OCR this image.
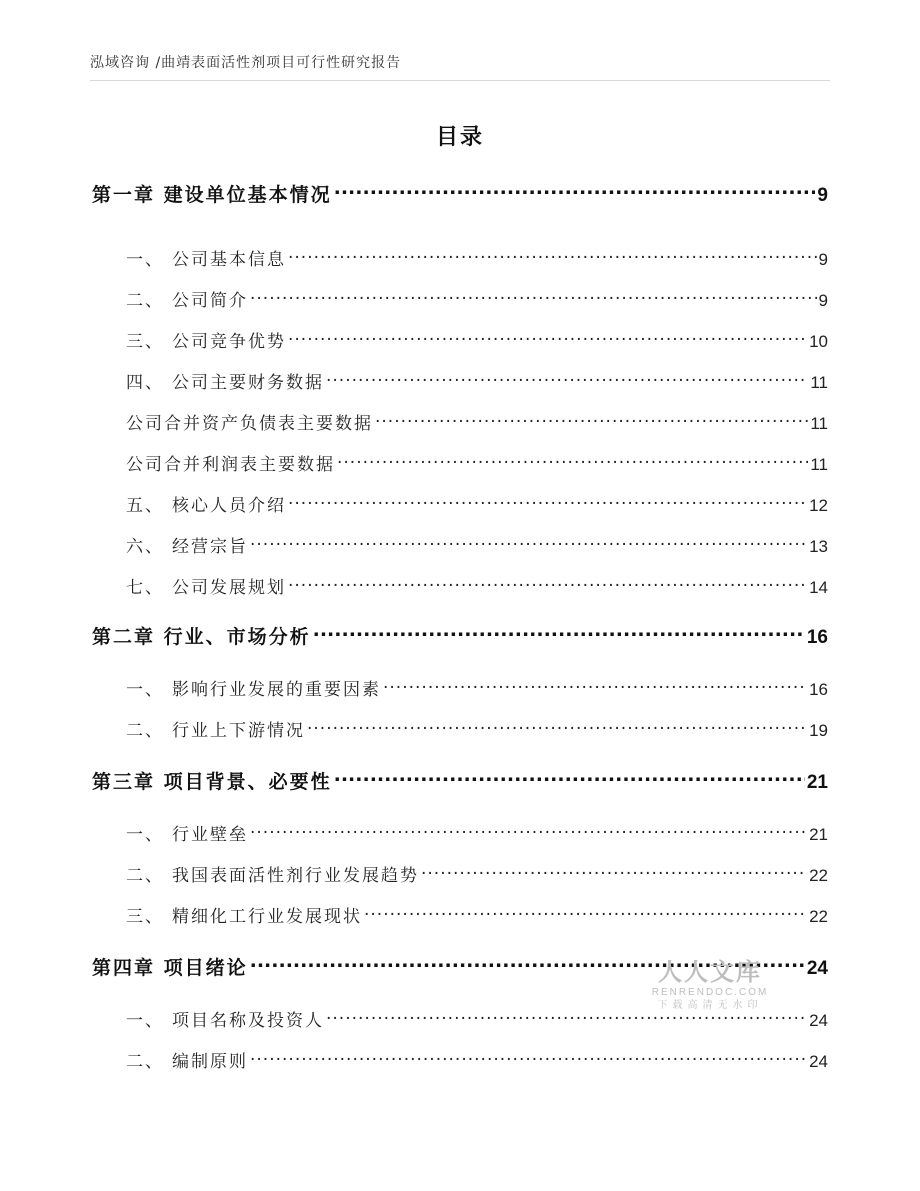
泓域咨询 /曲靖表面活性剂项目可行性研究报告
目录
第一章 建设单位基本情况 .....	9
一、 公司基本信息 .....	9
二、 公司简介 .....	9
三、 公司竞争优势 .....	10
四、 公司主要财务数据 .....	11
公司合并资产负债表主要数据 .....	11
公司合并利润表主要数据 .....	11
五、 核心人员介绍 .....	12
六、 经营宗旨 .....	13
七、 公司发展规划 .....	14
第二章 行业、市场分析 .....	16
一、 影响行业发展的重要因素 .....	16
二、 行业上下游情况 .....	19
第三章 项目背景、必要性 .....	21
一、 行业壁垒 .....	21
二、 我国表面活性剂行业发展趋势 .....	22
三、 精细化工行业发展现状 .....	22
第四章 项目绪论 .....	24
一、 项目名称及投资人 .....	24
二、 编制原则 .....	24
人人文库
RENRENDOC.COM
下载高清无水印
